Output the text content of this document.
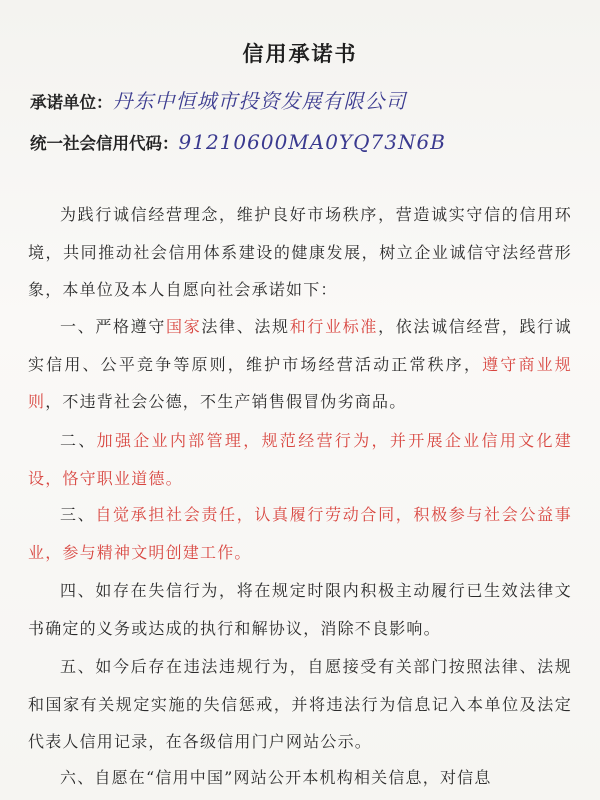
信用承诺书
承诺单位：丹东中恒城市投资发展有限公司
统一社会信用代码：91210600MA0YQ73N6B
为践行诚信经营理念，维护良好市场秩序，营造诚实守信的信用环境，共同推动社会信用体系建设的健康发展，树立企业诚信守法经营形象，本单位及本人自愿向社会承诺如下：
一、严格遵守国家法律、法规和行业标准，依法诚信经营，践行诚实信用、公平竞争等原则，维护市场经营活动正常秩序，遵守商业规则，不违背社会公德，不生产销售假冒伪劣商品。
二、加强企业内部管理，规范经营行为，并开展企业信用文化建设，恪守职业道德。
三、自觉承担社会责任，认真履行劳动合同，积极参与社会公益事业，参与精神文明创建工作。
四、如存在失信行为，将在规定时限内积极主动履行已生效法律文书确定的义务或达成的执行和解协议，消除不良影响。
五、如今后存在违法违规行为，自愿接受有关部门按照法律、法规和国家有关规定实施的失信惩戒，并将违法行为信息记入本单位及法定代表人信用记录，在各级信用门户网站公示。
六、自愿在“信用中国”网站公开本机构相关信息，对信息
